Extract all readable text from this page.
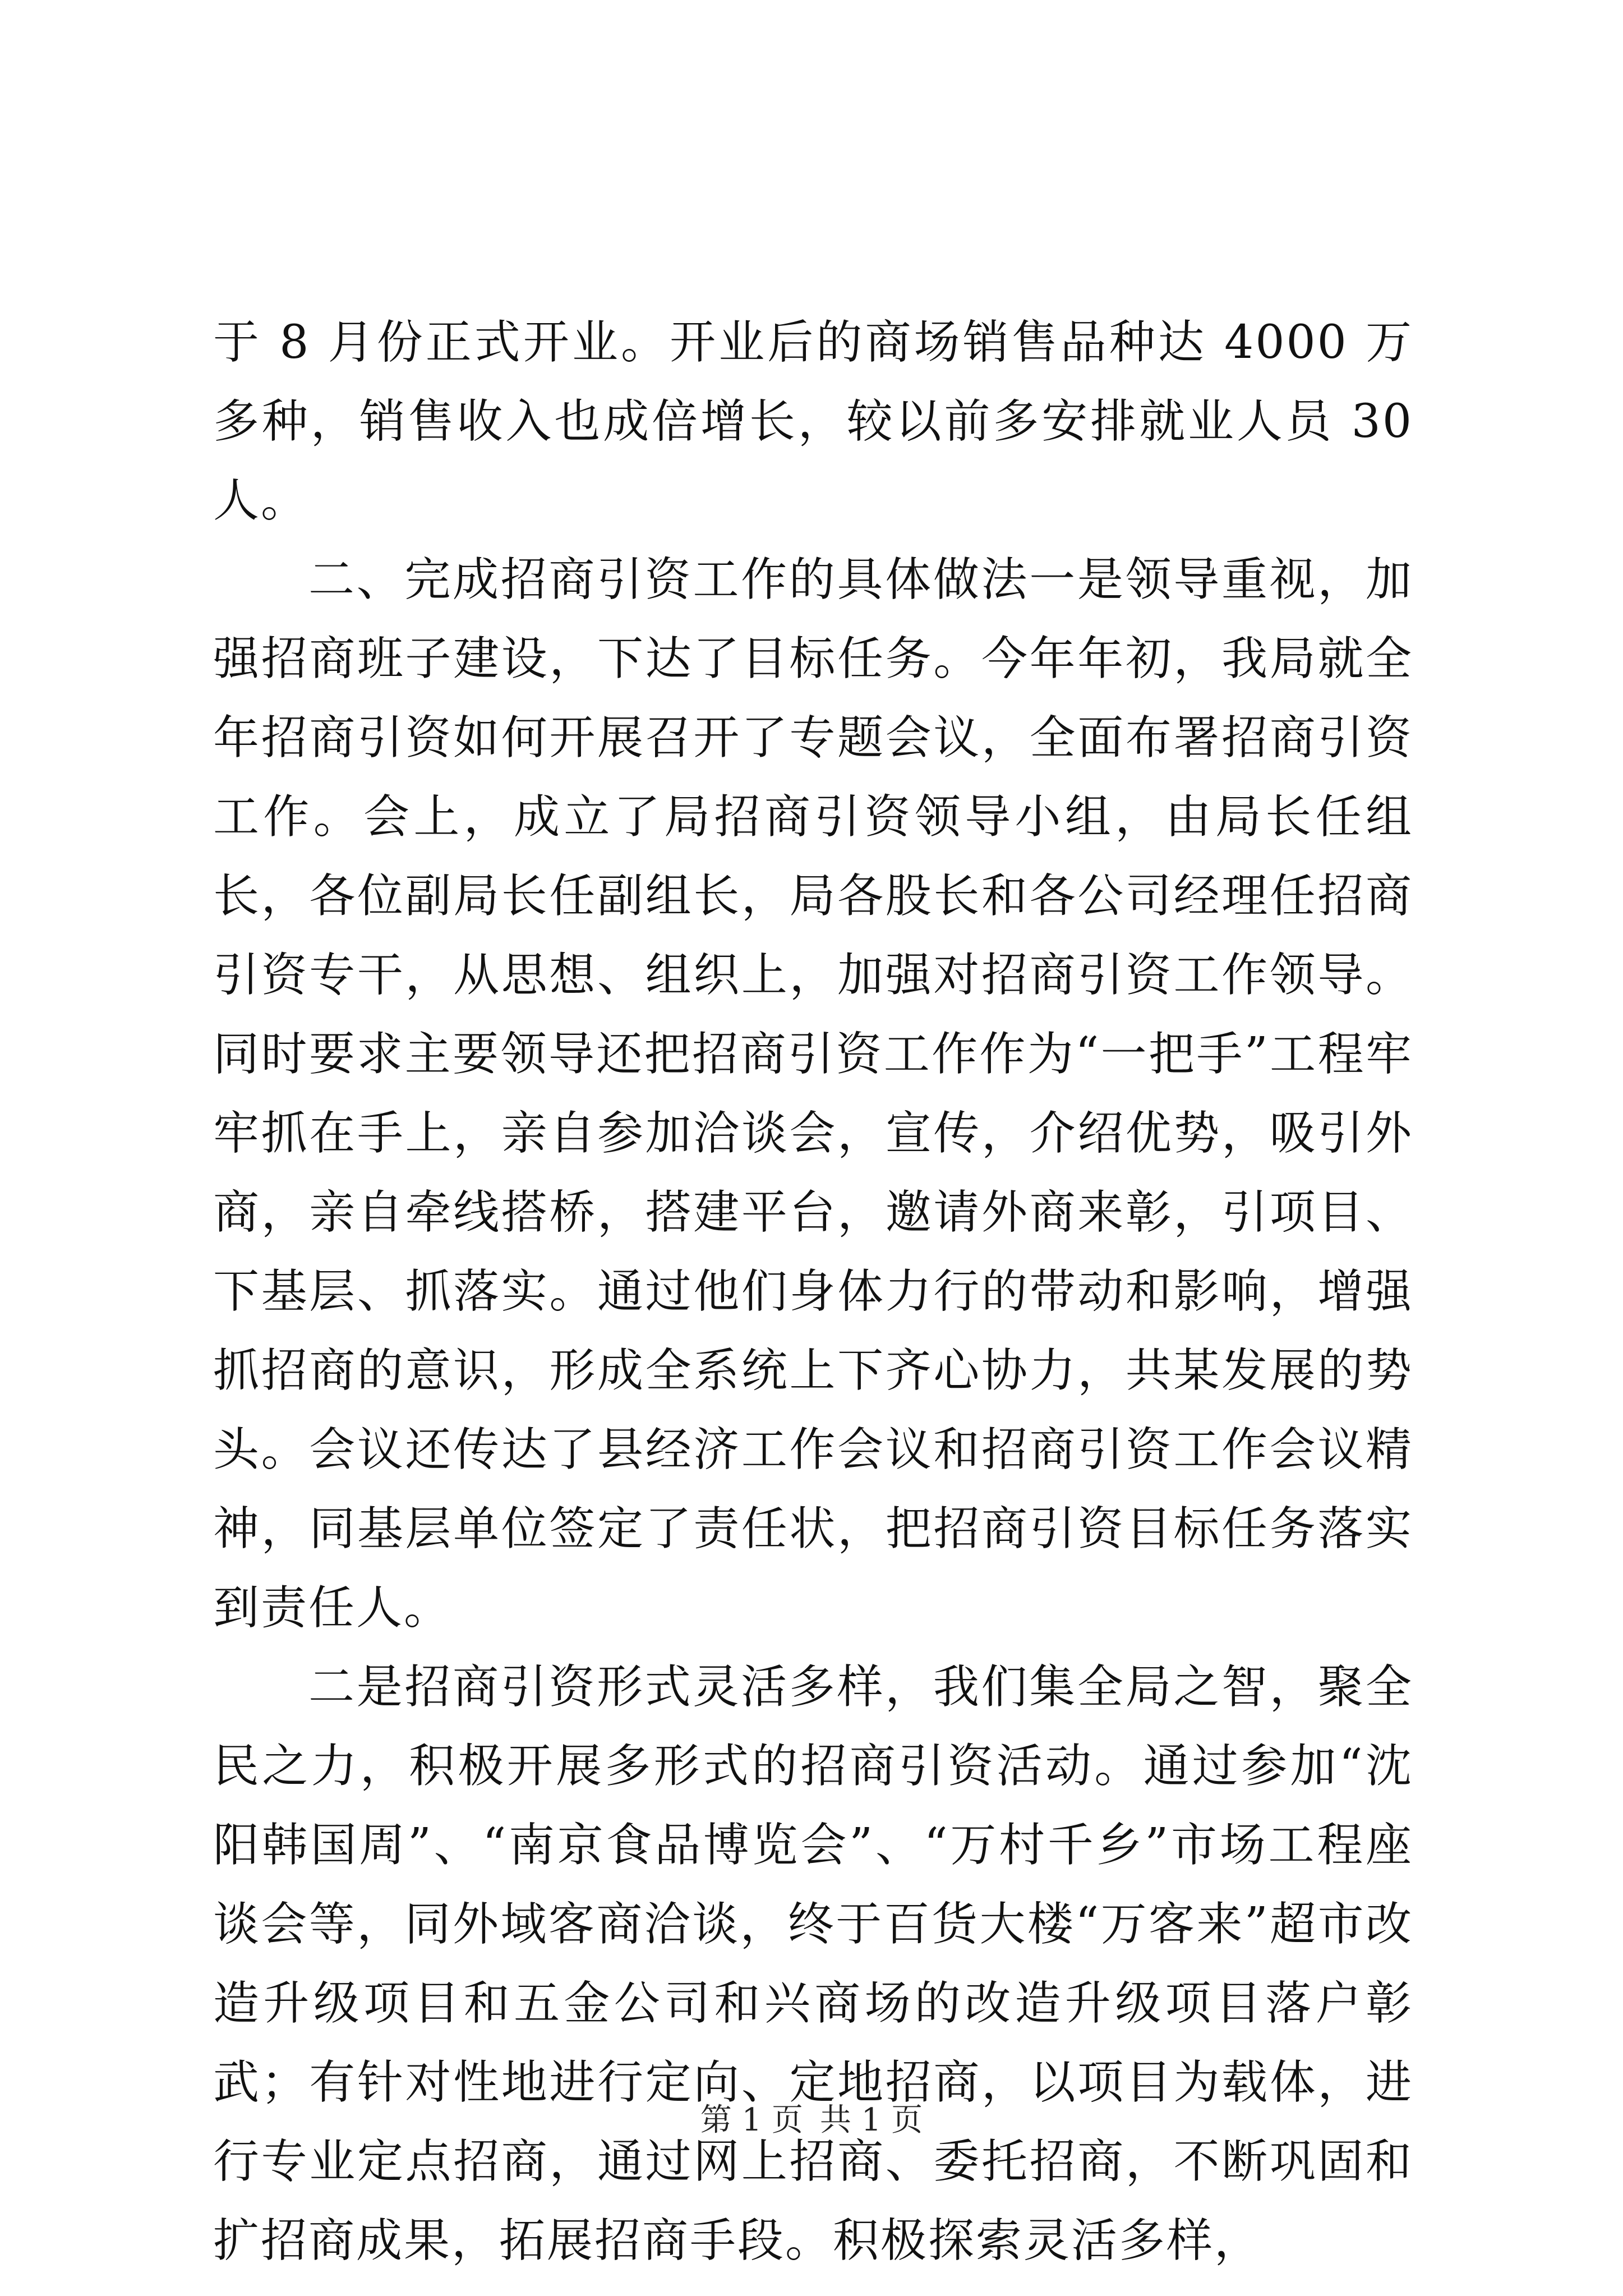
于 8 月份正式开业。开业后的商场销售品种达 4000 万多种，销售收入也成倍增长，较以前多安排就业人员 30 人。

二、完成招商引资工作的具体做法一是领导重视，加强招商班子建设，下达了目标任务。今年年初，我局就全年招商引资如何开展召开了专题会议，全面布署招商引资工作。会上，成立了局招商引资领导小组，由局长任组长，各位副局长任副组长，局各股长和各公司经理任招商引资专干，从思想、组织上，加强对招商引资工作领导。同时要求主要领导还把招商引资工作作为“一把手”工程牢牢抓在手上，亲自参加洽谈会，宣传，介绍优势，吸引外商，亲自牵线搭桥，搭建平台，邀请外商来彰，引项目、下基层、抓落实。通过他们身体力行的带动和影响，增强抓招商的意识，形成全系统上下齐心协力，共某发展的势头。会议还传达了县经济工作会议和招商引资工作会议精神，同基层单位签定了责任状，把招商引资目标任务落实到责任人。

二是招商引资形式灵活多样，我们集全局之智，聚全民之力，积极开展多形式的招商引资活动。通过参加“沈阳韩国周”、“南京食品博览会”、“万村千乡”市场工程座谈会等，同外域客商洽谈，终于百货大楼“万客来”超市改造升级项目和五金公司和兴商场的改造升级项目落户彰武；有针对性地进行定向、定地招商，以项目为载体，进行专业定点招商，通过网上招商、委托招商，不断巩固和扩招商成果，拓展招商手段。积极探索灵活多样，

第 1 页 共 1 页
